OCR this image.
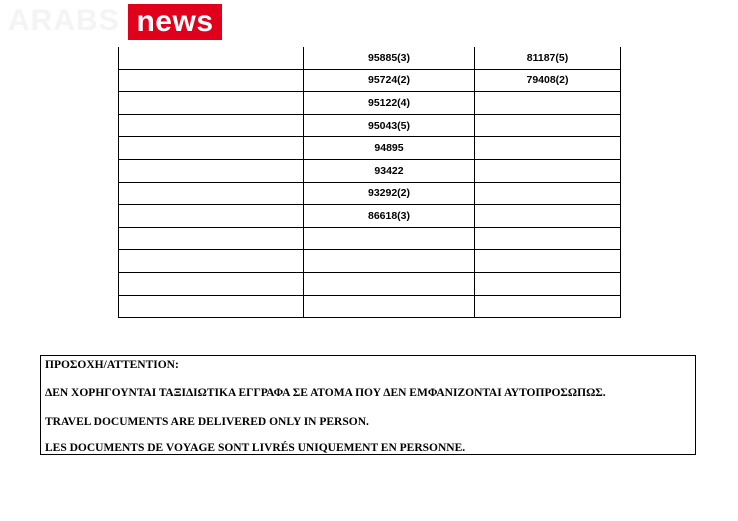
ARABS news
	95885(3)	81187(5)
	95724(2)	79408(2)
	95122(4)	
	95043(5)	
	94895	
	93422	
	93292(2)	
	86618(3)	

ΠΡΟΣΟΧΗ/ATTENTION:
ΔΕΝ ΧΟΡΗΓΟΥΝΤΑΙ ΤΑΞΙΔΙΩΤΙΚΑ ΕΓΓΡΑΦΑ ΣΕ ΑΤΟΜΑ ΠΟΥ ΔΕΝ ΕΜΦΑΝΙΖΟΝΤΑΙ ΑΥΤΟΠΡΟΣΩΠΩΣ.
TRAVEL DOCUMENTS ARE DELIVERED ONLY IN PERSON.
LES DOCUMENTS DE VOYAGE SONT LIVRÉS UNIQUEMENT EN PERSONNE.
